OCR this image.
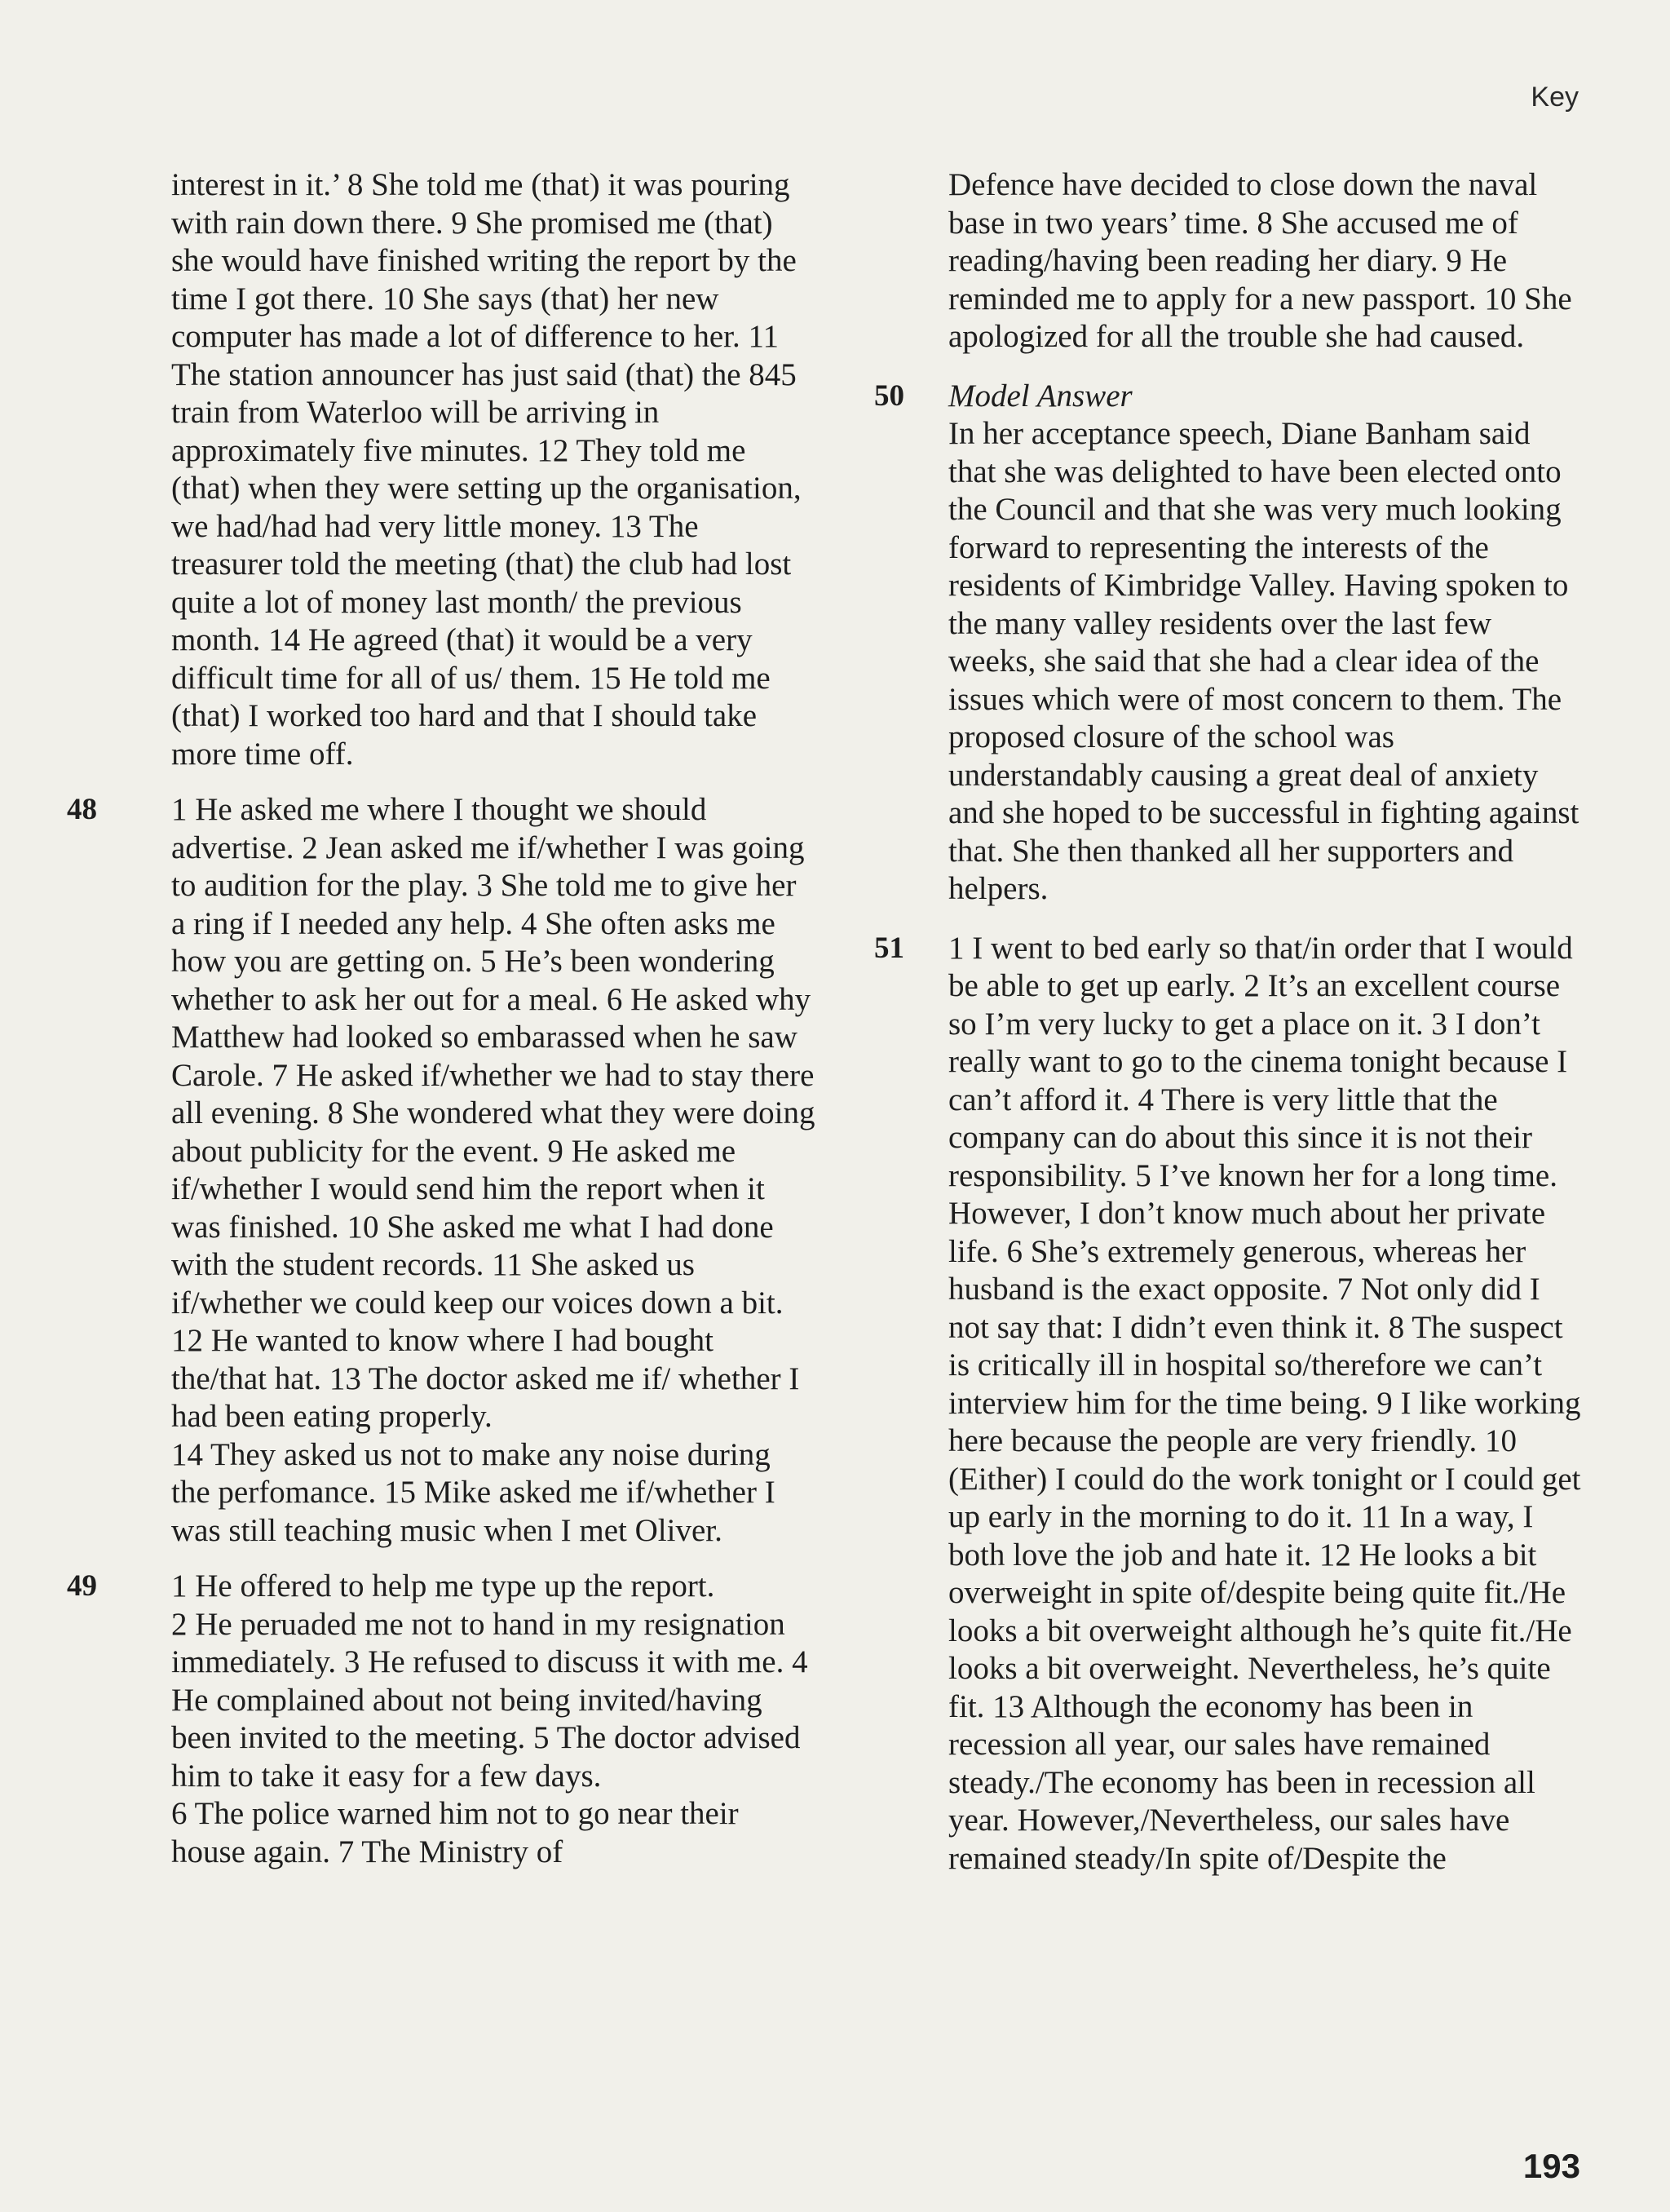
Key

interest in it.’ 8 She told me (that) it was pouring with rain down there. 9 She promised me (that) she would have finished writing the report by the time I got there. 10 She says (that) her new computer has made a lot of difference to her. 11 The station announcer has just said (that) the 845 train from Waterloo will be arriving in approximately five minutes. 12 They told me (that) when they were setting up the organisation, we had/had had very little money. 13 The treasurer told the meeting (that) the club had lost quite a lot of money last month/ the previous month. 14 He agreed (that) it would be a very difficult time for all of us/ them. 15 He told me (that) I worked too hard and that I should take more time off.

48 1 He asked me where I thought we should advertise. 2 Jean asked me if/whether I was going to audition for the play. 3 She told me to give her a ring if I needed any help. 4 She often asks me how you are getting on. 5 He’s been wondering whether to ask her out for a meal. 6 He asked why Matthew had looked so embarassed when he saw Carole. 7 He asked if/whether we had to stay there all evening. 8 She wondered what they were doing about publicity for the event. 9 He asked me if/whether I would send him the report when it was finished. 10 She asked me what I had done with the student records. 11 She asked us if/whether we could keep our voices down a bit. 12 He wanted to know where I had bought the/that hat. 13 The doctor asked me if/ whether I had been eating properly.

14 They asked us not to make any noise during the perfomance. 15 Mike asked me if/whether I was still teaching music when I met Oliver.

49 1 He offered to help me type up the report.

2 He peruaded me not to hand in my resignation immediately. 3 He refused to discuss it with me. 4 He complained about not being invited/having been invited to the meeting. 5 The doctor advised him to take it easy for a few days.

6 The police warned him not to go near their house again. 7 The Ministry of

Defence have decided to close down the naval base in two years’ time. 8 She accused me of reading/having been reading her diary. 9 He reminded me to apply for a new passport. 10 She apologized for all the trouble she had caused.

50 Model Answer

In her acceptance speech, Diane Banham said that she was delighted to have been elected onto the Council and that she was very much looking forward to representing the interests of the residents of Kimbridge Valley. Having spoken to the many valley residents over the last few weeks, she said that she had a clear idea of the issues which were of most concern to them. The proposed closure of the school was understandably causing a great deal of anxiety and she hoped to be successful in fighting against that. She then thanked all her supporters and helpers.

51 1 I went to bed early so that/in order that I would be able to get up early. 2 It’s an excellent course so I’m very lucky to get a place on it. 3 I don’t really want to go to the cinema tonight because I can’t afford it. 4 There is very little that the company can do about this since it is not their responsibility. 5 I’ve known her for a long time. However, I don’t know much about her private life. 6 She’s extremely generous, whereas her husband is the exact opposite. 7 Not only did I not say that: I didn’t even think it. 8 The suspect is critically ill in hospital so/therefore we can’t interview him for the time being. 9 I like working here because the people are very friendly. 10 (Either) I could do the work tonight or I could get up early in the morning to do it. 11 In a way, I both love the job and hate it. 12 He looks a bit overweight in spite of/despite being quite fit./He looks a bit overweight although he’s quite fit./He looks a bit overweight. Nevertheless, he’s quite fit. 13 Although the economy has been in recession all year, our sales have remained steady./The economy has been in recession all year. However,/Nevertheless, our sales have remained steady/In spite of/Despite the

193
